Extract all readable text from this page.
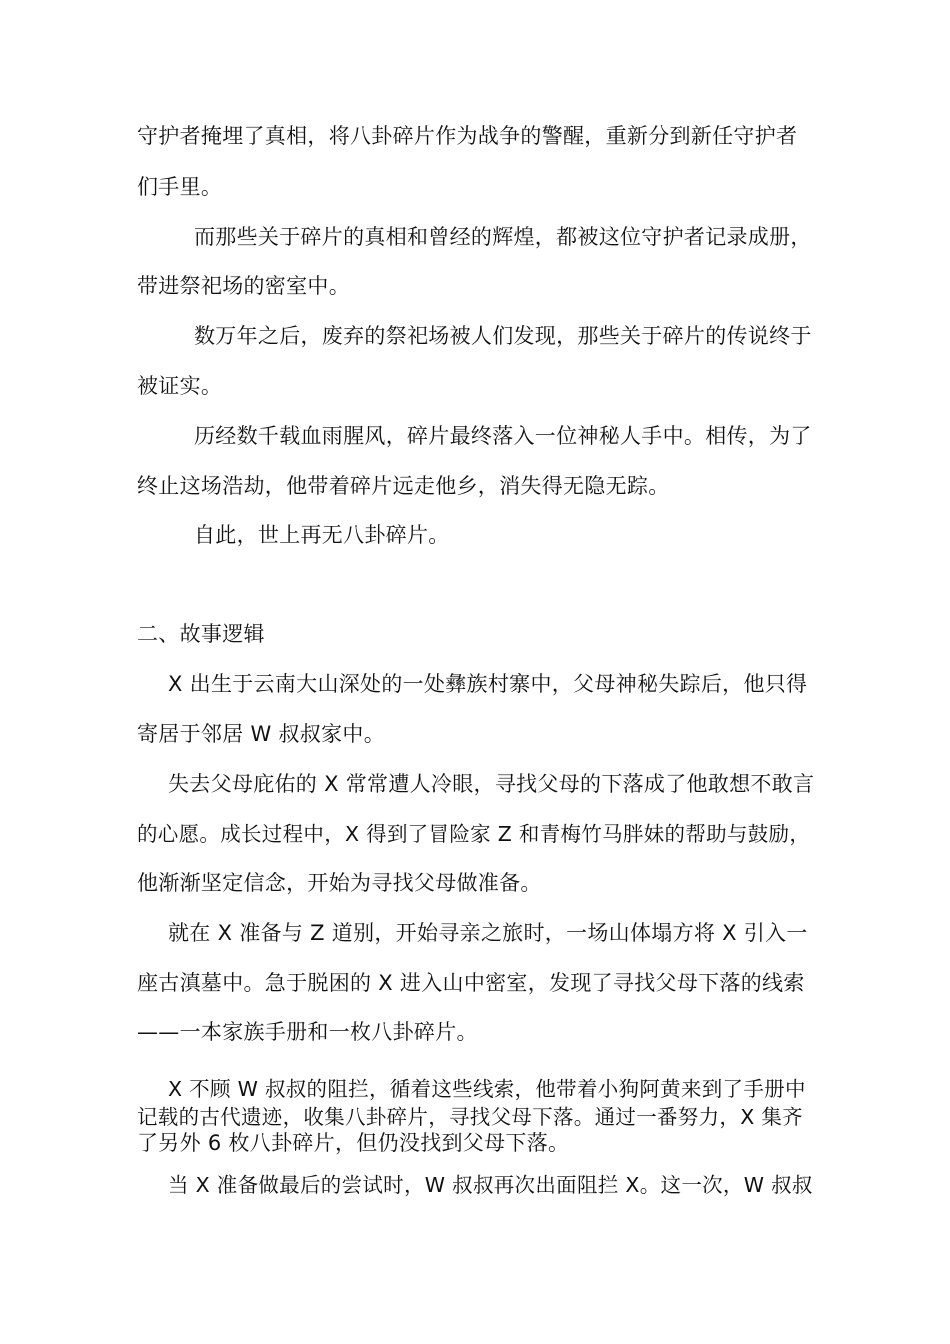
守护者掩埋了真相，将八卦碎片作为战争的警醒，重新分到新任守护者
们手里。
而那些关于碎片的真相和曾经的辉煌，都被这位守护者记录成册，
带进祭祀场的密室中。
数万年之后，废弃的祭祀场被人们发现，那些关于碎片的传说终于
被证实。
历经数千载血雨腥风，碎片最终落入一位神秘人手中。相传，为了
终止这场浩劫，他带着碎片远走他乡，消失得无隐无踪。
自此，世上再无八卦碎片。
二、故事逻辑
X 出生于云南大山深处的一处彝族村寨中，父母神秘失踪后，他只得
寄居于邻居 W 叔叔家中。
失去父母庇佑的 X 常常遭人冷眼，寻找父母的下落成了他敢想不敢言
的心愿。成长过程中，X 得到了冒险家 Z 和青梅竹马胖妹的帮助与鼓励，
他渐渐坚定信念，开始为寻找父母做准备。
就在 X 准备与 Z 道别，开始寻亲之旅时，一场山体塌方将 X 引入一
座古滇墓中。急于脱困的 X 进入山中密室，发现了寻找父母下落的线索
——一本家族手册和一枚八卦碎片。
X 不顾 W 叔叔的阻拦，循着这些线索，他带着小狗阿黄来到了手册中
记载的古代遗迹，收集八卦碎片，寻找父母下落。通过一番努力，X 集齐
了另外 6 枚八卦碎片，但仍没找到父母下落。
当 X 准备做最后的尝试时，W 叔叔再次出面阻拦 X。这一次，W 叔叔
